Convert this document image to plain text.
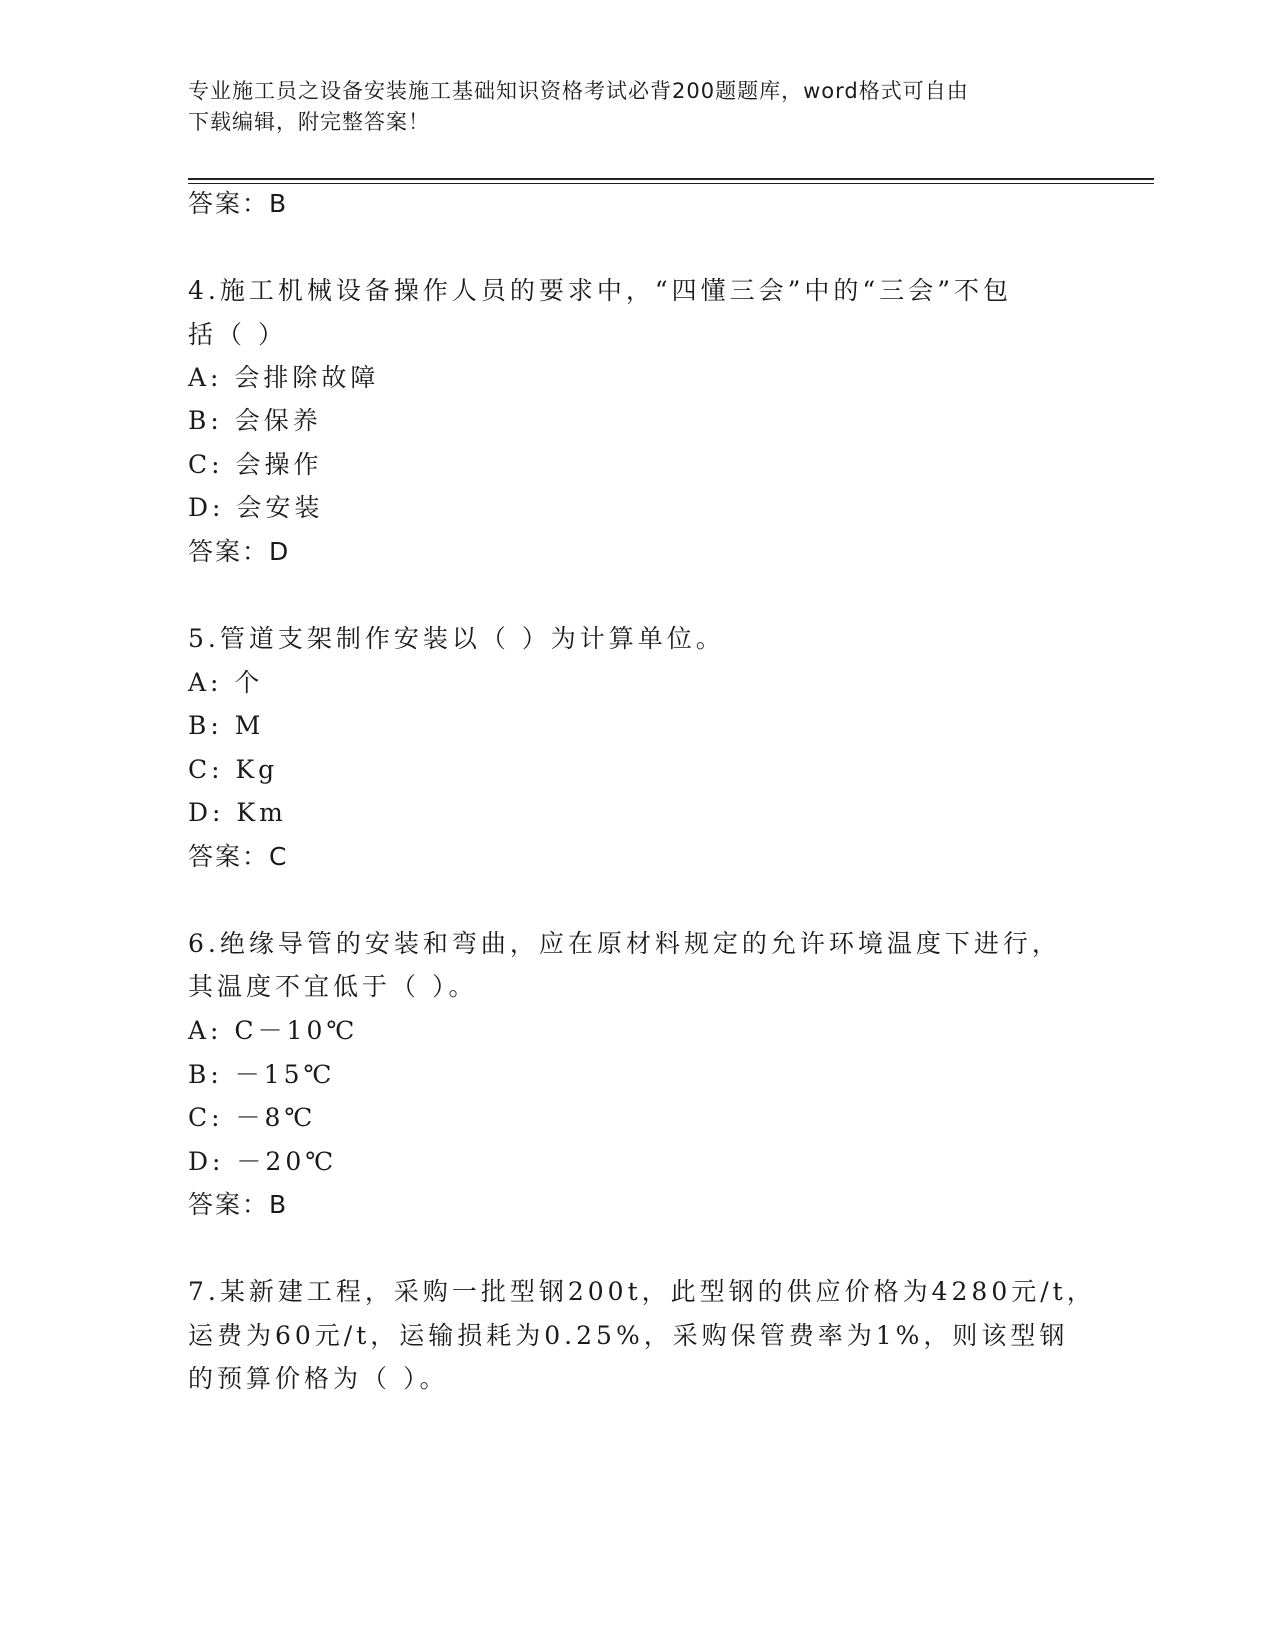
专业施工员之设备安装施工基础知识资格考试必背200题题库，word格式可自由
下载编辑，附完整答案！
答案：B
4.施工机械设备操作人员的要求中，“四懂三会”中的“三会”不包
括（ ）
A: 会排除故障
B: 会保养
C: 会操作
D: 会安装
答案：D
5.管道支架制作安装以（ ）为计算单位。
A: 个
B: M
C: Kg
D: Km
答案：C
6.绝缘导管的安装和弯曲，应在原材料规定的允许环境温度下进行，
其温度不宜低于（ ）。
A: C－10℃
B: －15℃
C: －8℃
D: －20℃
答案：B
7.某新建工程，采购一批型钢200t，此型钢的供应价格为4280元/t，
运费为60元/t，运输损耗为0.25%，采购保管费率为1%，则该型钢
的预算价格为（ ）。
